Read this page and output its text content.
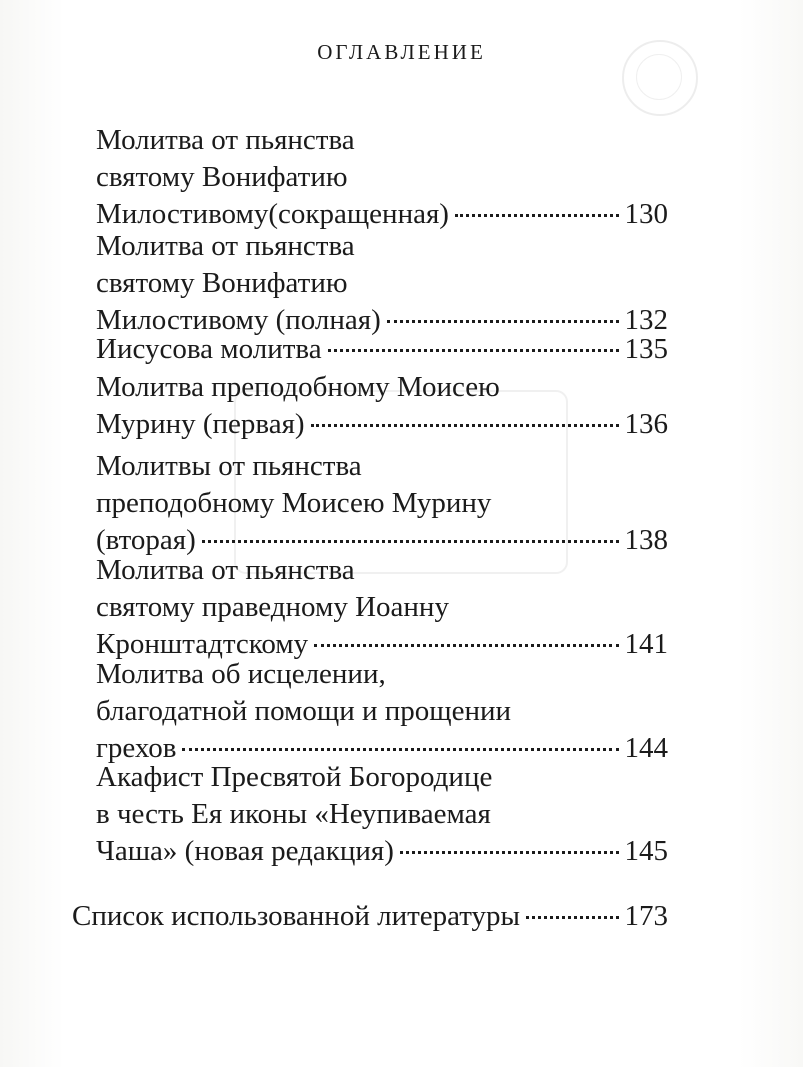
ОГЛАВЛЕНИЕ
Молитва от пьянства
святому Вонифатию
Милостивому(сокращенная)	130
Молитва от пьянства
святому Вонифатию
Милостивому (полная)	132
Иисусова молитва	135
Молитва преподобному Моисею
Мурину (первая)	136
Молитвы от пьянства
преподобному Моисею Мурину
(вторая)	138
Молитва от пьянства
святому праведному Иоанну
Кронштадтскому	141
Молитва об исцелении,
благодатной помощи и прощении
грехов	144
Акафист Пресвятой Богородице
в честь Ея иконы «Неупиваемая
Чаша» (новая редакция)	145
Список использованной литературы	173
